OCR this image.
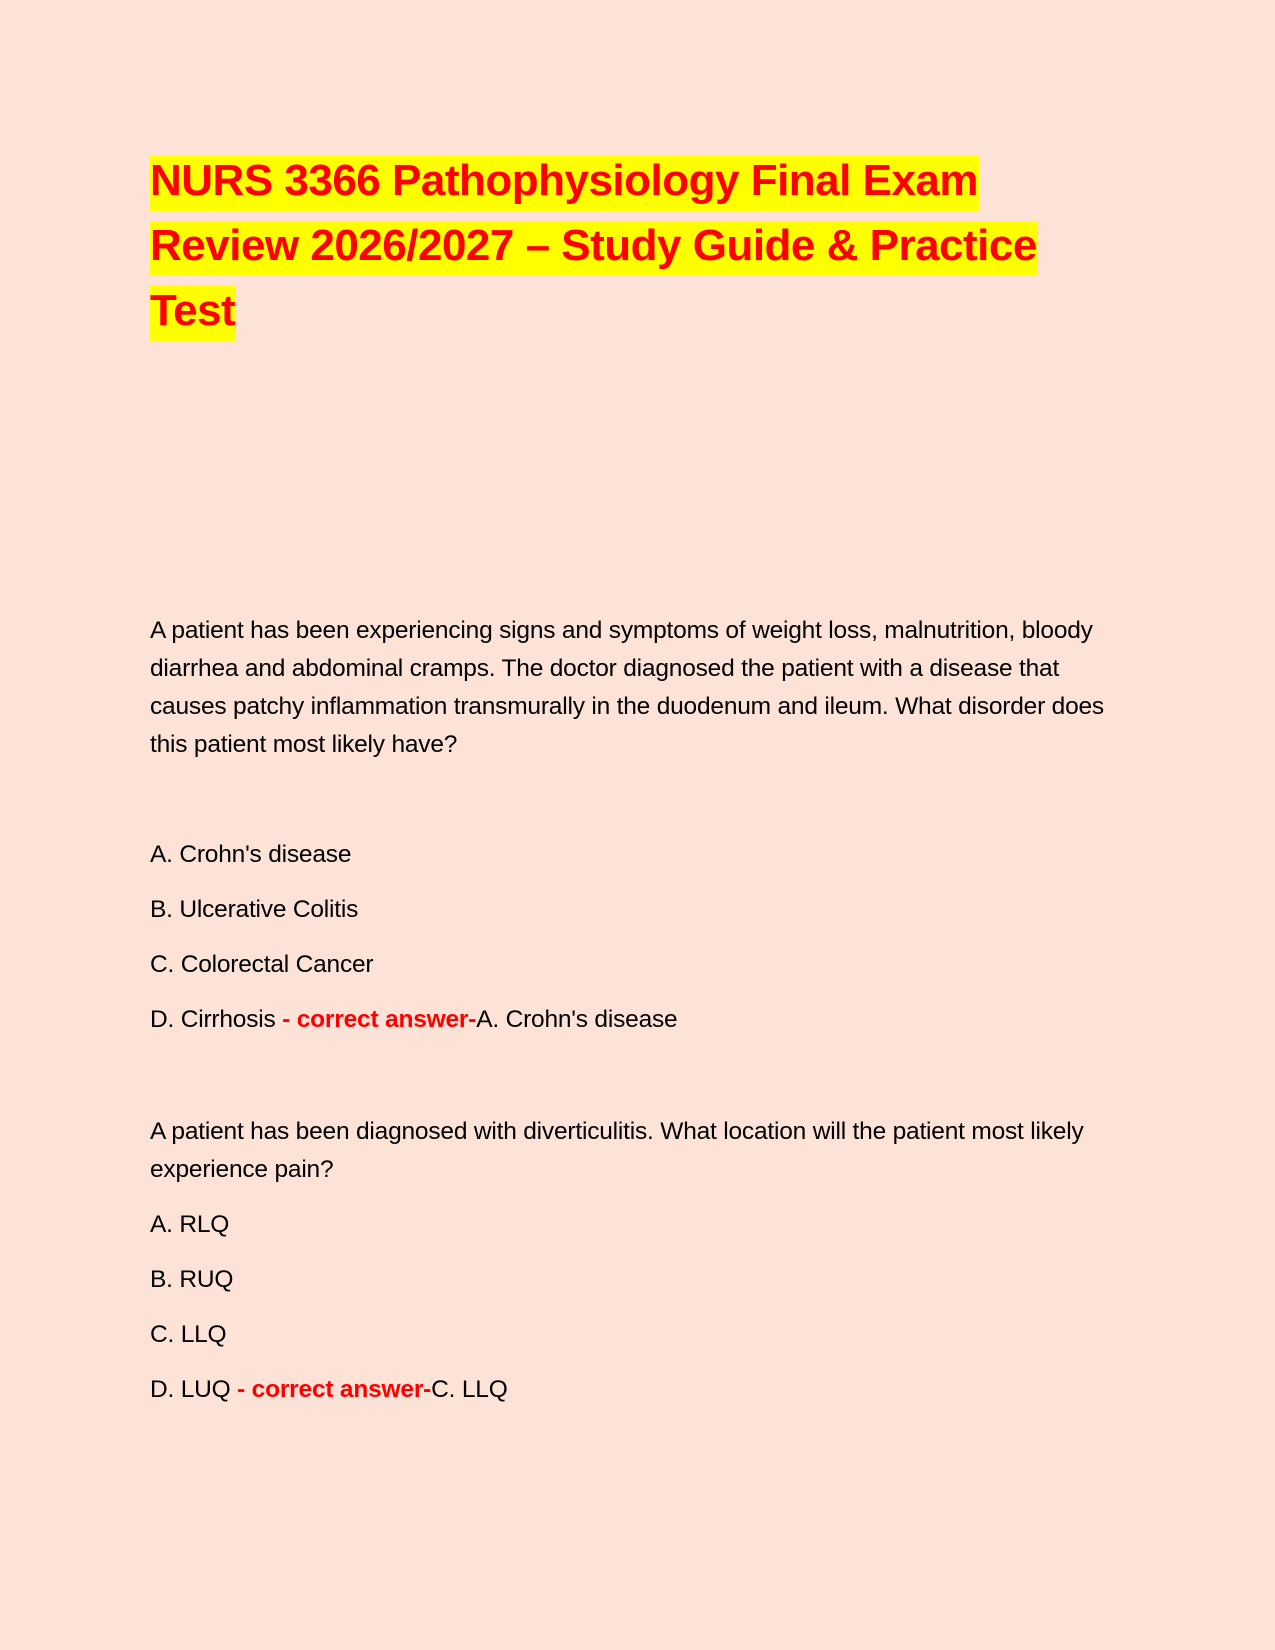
NURS 3366 Pathophysiology Final Exam
Review 2026/2027 – Study Guide & Practice
Test
A patient has been experiencing signs and symptoms of weight loss, malnutrition, bloody diarrhea and abdominal cramps. The doctor diagnosed the patient with a disease that causes patchy inflammation transmurally in the duodenum and ileum. What disorder does this patient most likely have?
A. Crohn's disease
B. Ulcerative Colitis
C. Colorectal Cancer
D. Cirrhosis - correct answer-A. Crohn's disease
A patient has been diagnosed with diverticulitis. What location will the patient most likely experience pain?
A. RLQ
B. RUQ
C. LLQ
D. LUQ - correct answer-C. LLQ
